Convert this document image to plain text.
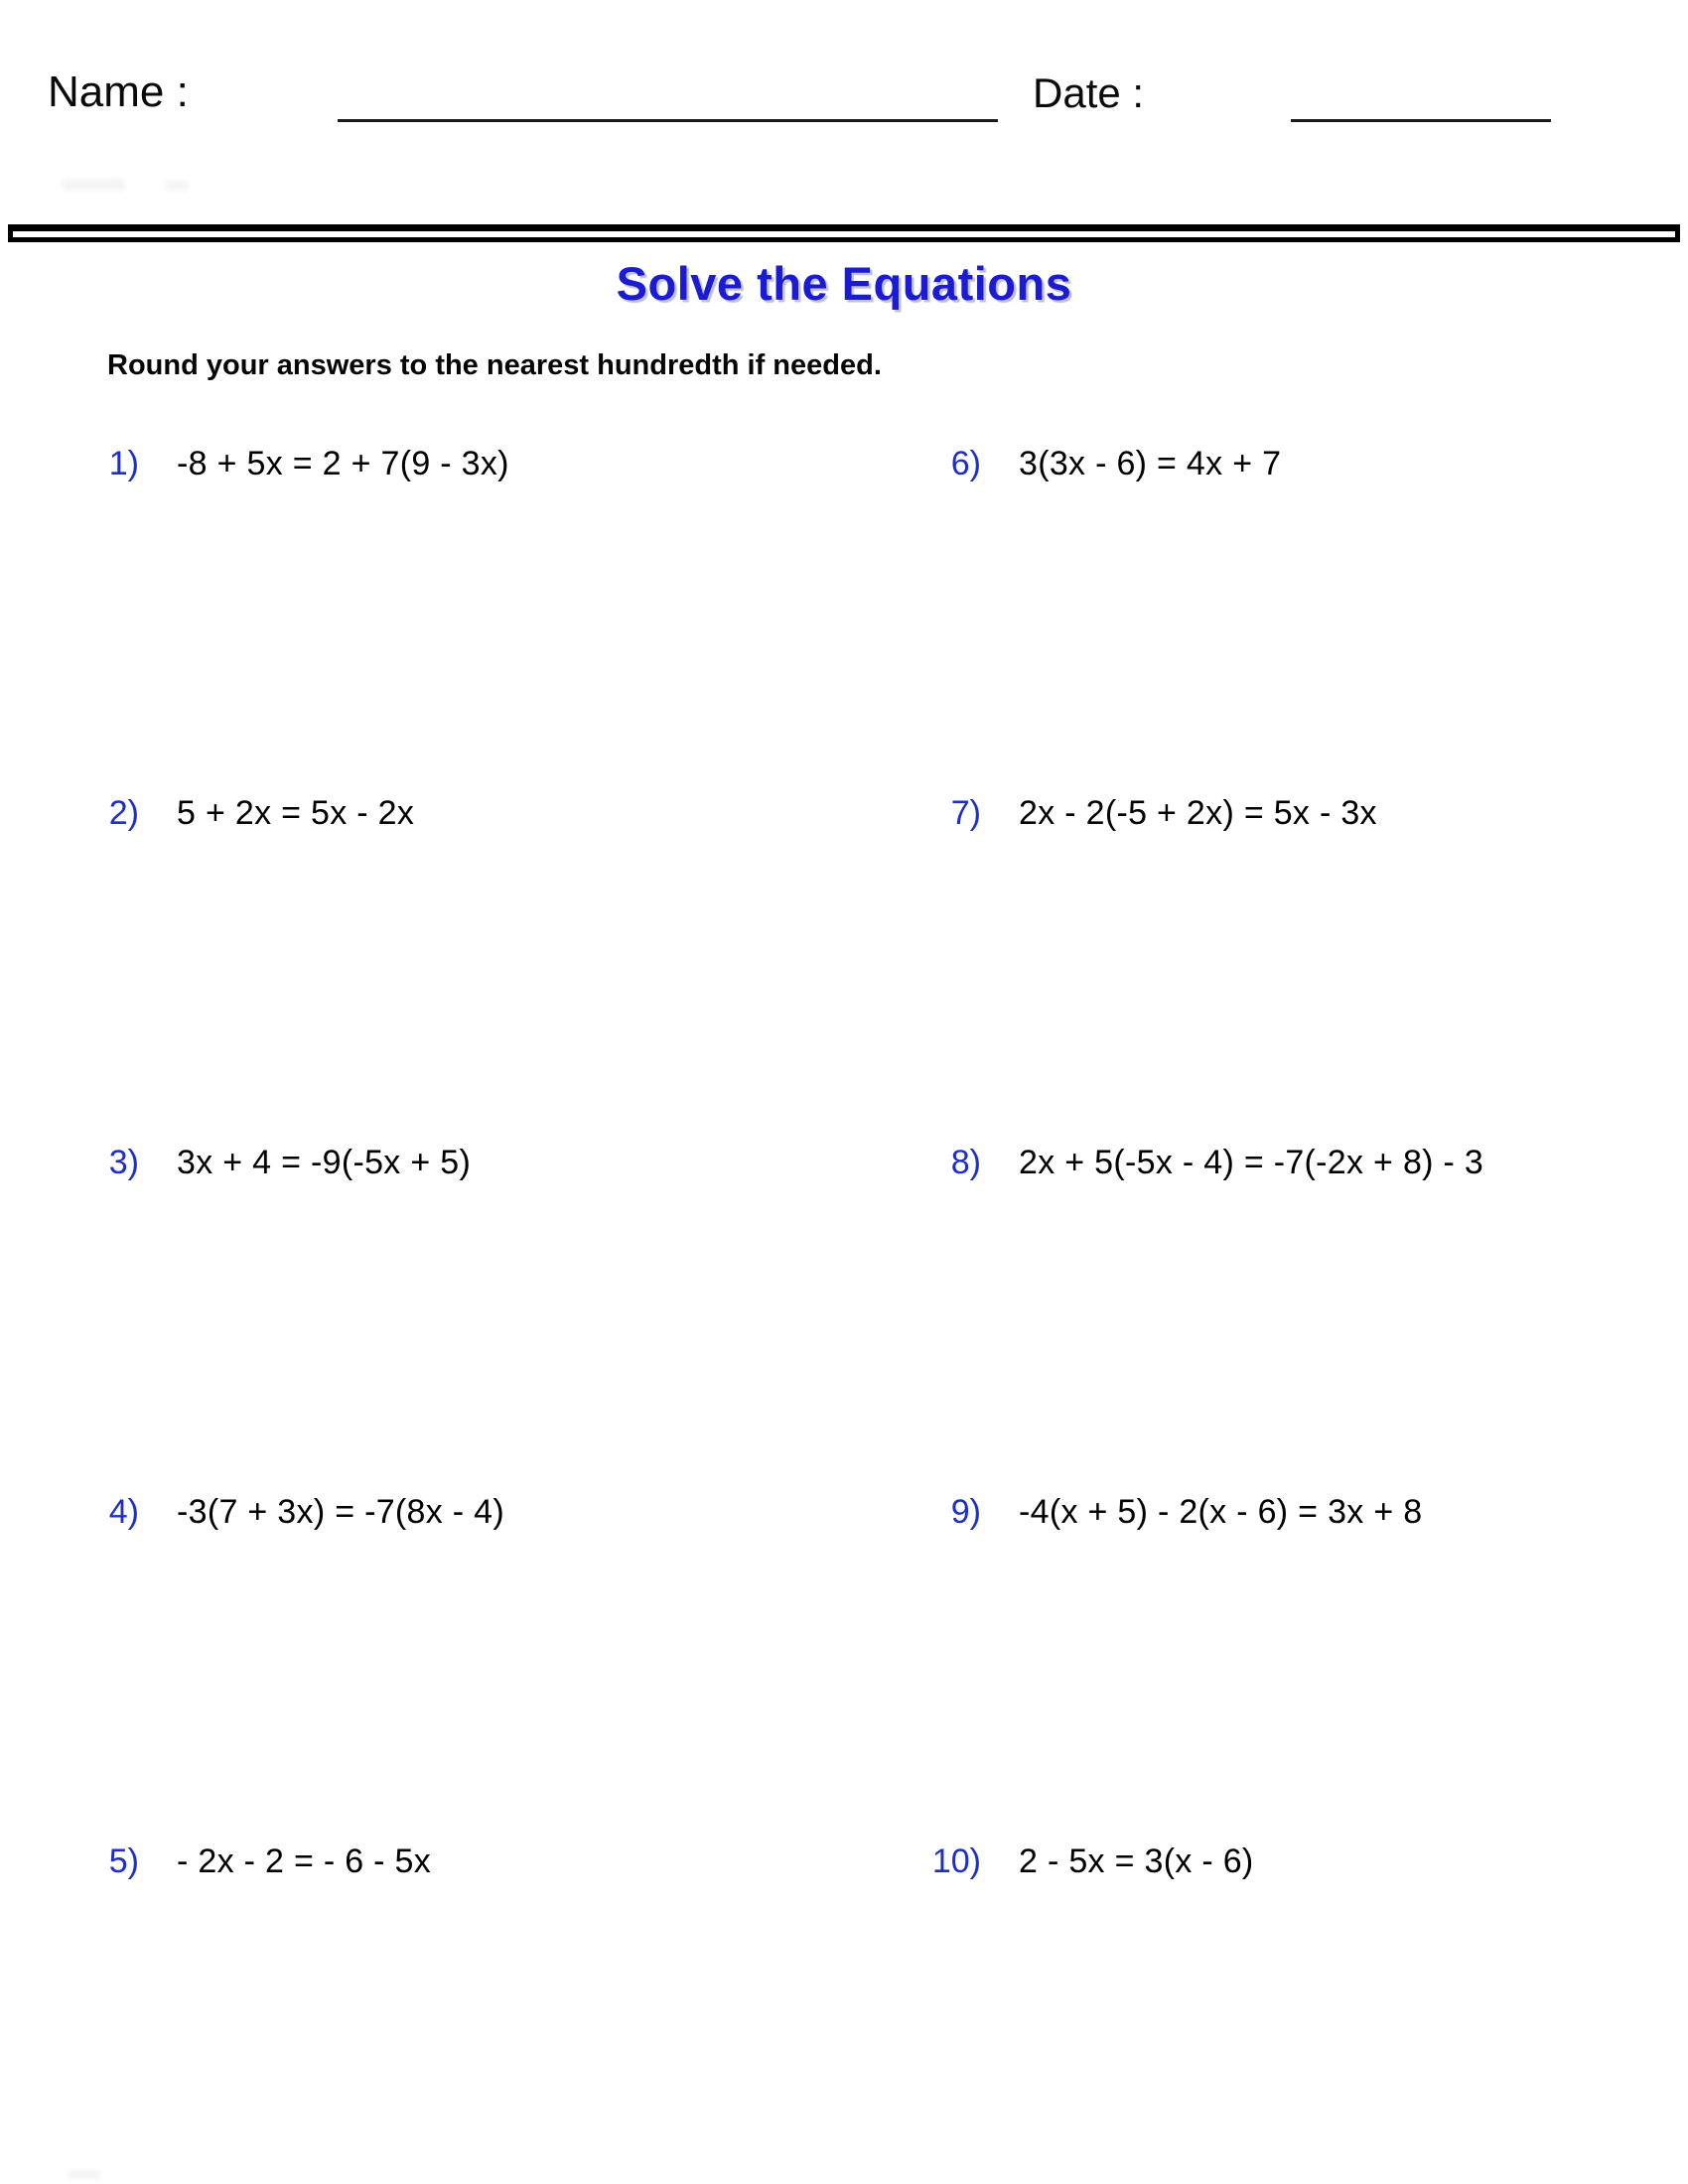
Name :	Date :
Solve the Equations

Round your answers to the nearest hundredth if needed.

1) -8 + 5x = 2 + 7(9 - 3x)	6) 3(3x - 6) = 4x + 7
2) 5 + 2x = 5x - 2x	7) 2x - 2(-5 + 2x) = 5x - 3x
3) 3x + 4 = -9(-5x + 5)	8) 2x + 5(-5x - 4) = -7(-2x + 8) - 3
4) -3(7 + 3x) = -7(8x - 4)	9) -4(x + 5) - 2(x - 6) = 3x + 8
5) - 2x - 2 = - 6 - 5x	10) 2 - 5x = 3(x - 6)
